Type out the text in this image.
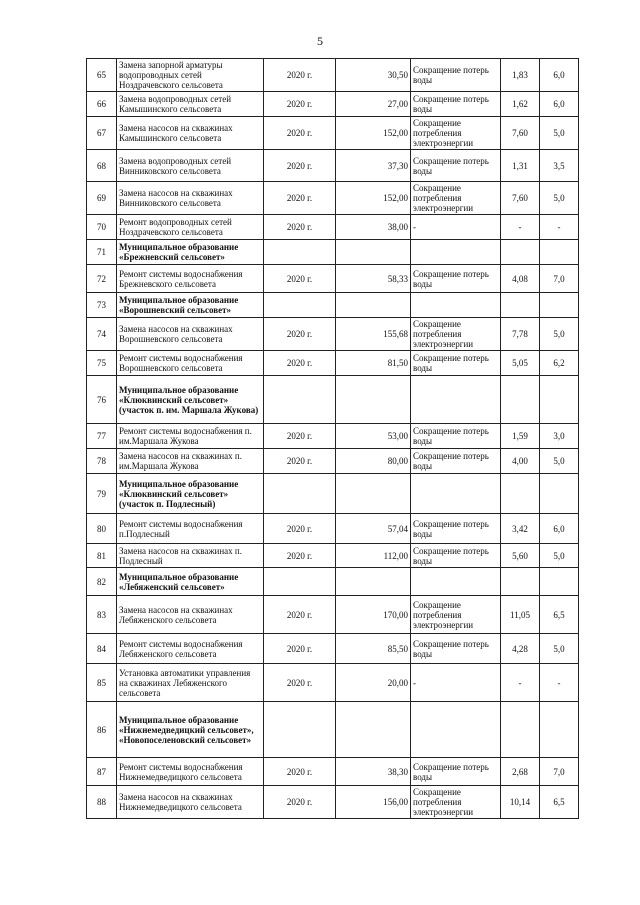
5
65	Замена запорной арматуры водопроводных сетей Ноздрачевского сельсовета	2020 г.	30,50	Сокращение потерь воды	1,83	6,0
66	Замена водопроводных сетей Камышинского сельсовета	2020 г.	27,00	Сокращение потерь воды	1,62	6,0
67	Замена насосов на скважинах Камышинского сельсовета	2020 г.	152,00	Сокращение потребления электроэнергии	7,60	5,0
68	Замена водопроводных сетей Винниковского сельсовета	2020 г.	37,30	Сокращение потерь воды	1,31	3,5
69	Замена насосов на скважинах Винниковского сельсовета	2020 г.	152,00	Сокращение потребления электроэнергии	7,60	5,0
70	Ремонт водопроводных сетей Ноздрачевского сельсовета	2020 г.	38,00	-	-	-
71	Муниципальное образование «Брежневский сельсовет»					
72	Ремонт системы водоснабжения Брежневского сельсовета	2020 г.	58,33	Сокращение потерь воды	4,08	7,0
73	Муниципальное образование «Ворошневский сельсовет»					
74	Замена насосов на скважинах Ворошневского сельсовета	2020 г.	155,68	Сокращение потребления электроэнергии	7,78	5,0
75	Ремонт системы водоснабжения Ворошневского сельсовета	2020 г.	81,50	Сокращение потерь воды	5,05	6,2
76	Муниципальное образование «Клюквинский сельсовет» (участок п. им. Маршала Жукова)					
77	Ремонт системы водоснабжения п. им.Маршала Жукова	2020 г.	53,00	Сокращение потерь воды	1,59	3,0
78	Замена насосов на скважинах п. им.Маршала Жукова	2020 г.	80,00	Сокращение потерь воды	4,00	5,0
79	Муниципальное образование «Клюквинский сельсовет» (участок п. Подлесный)					
80	Ремонт системы водоснабжения п.Подлесный	2020 г.	57,04	Сокращение потерь воды	3,42	6,0
81	Замена насосов на скважинах п. Подлесный	2020 г.	112,00	Сокращение потерь воды	5,60	5,0
82	Муниципальное образование «Лебяженский сельсовет»					
83	Замена насосов на скважинах Лебяженского сельсовета	2020 г.	170,00	Сокращение потребления электроэнергии	11,05	6,5
84	Ремонт системы водоснабжения Лебяженского сельсовета	2020 г.	85,50	Сокращение потерь воды	4,28	5,0
85	Установка автоматики управления на скважинах Лебяженского сельсовета	2020 г.	20,00	-	-	-
86	Муниципальное образование «Нижнемедведицкий сельсовет», «Новопоселеновский сельсовет»					
87	Ремонт системы водоснабжения Нижнемедведицкого сельсовета	2020 г.	38,30	Сокращение потерь воды	2,68	7,0
88	Замена насосов на скважинах Нижнемедведицкого сельсовета	2020 г.	156,00	Сокращение потребления электроэнергии	10,14	6,5
